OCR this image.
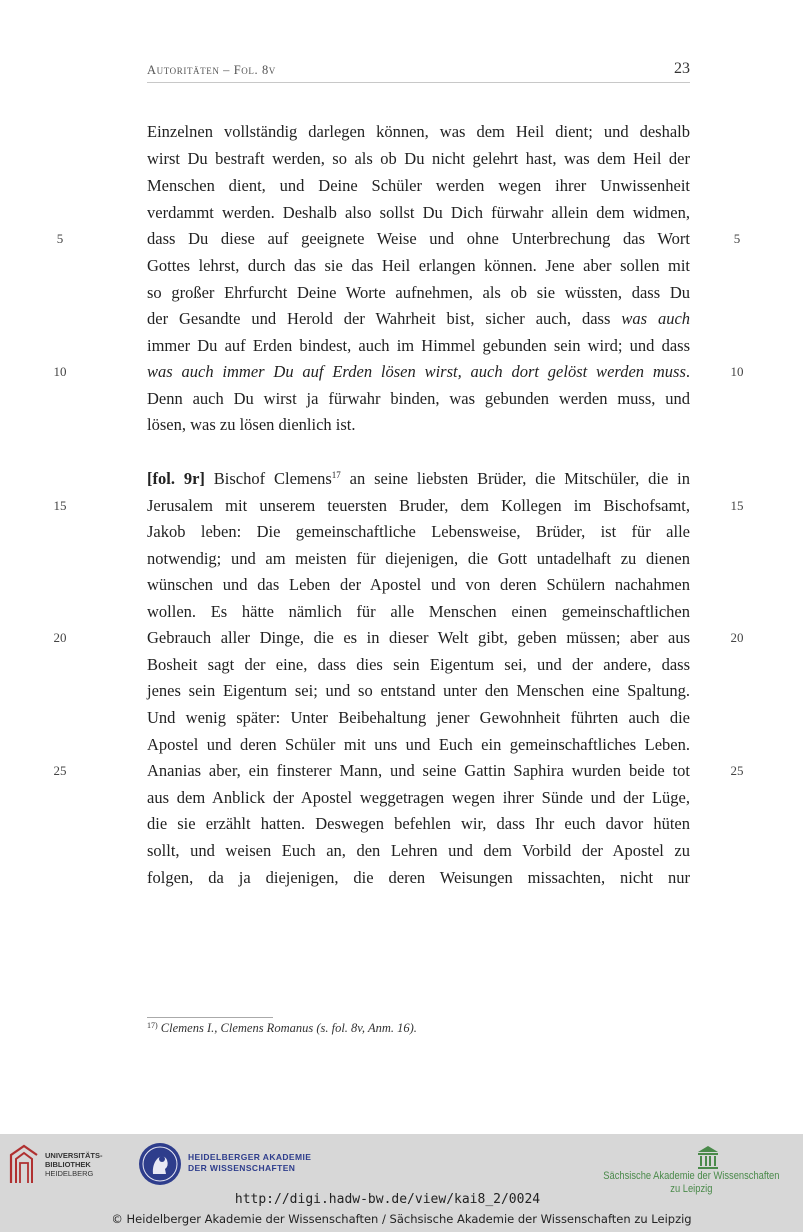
Autoritäten – Fol. 8v	23
Einzelnen vollständig darlegen können, was dem Heil dient; und deshalb
wirst Du bestraft werden, so als ob Du nicht gelehrt hast, was dem Heil der
Menschen dient, und Deine Schüler werden wegen ihrer Unwissenheit
verdammt werden. Deshalb also sollst Du Dich fürwahr allein dem widmen,
dass Du diese auf geeignete Weise und ohne Unterbrechung das Wort
Gottes lehrst, durch das sie das Heil erlangen können. Jene aber sollen mit
so großer Ehrfurcht Deine Worte aufnehmen, als ob sie wüssten, dass Du
der Gesandte und Herold der Wahrheit bist, sicher auch, dass was auch
immer Du auf Erden bindest, auch im Himmel gebunden sein wird; und dass
was auch immer Du auf Erden lösen wirst, auch dort gelöst werden muss.
Denn auch Du wirst ja fürwahr binden, was gebunden werden muss, und
lösen, was zu lösen dienlich ist.
[fol. 9r] Bischof Clemens$^{17}$ an seine liebsten Brüder, die Mitschüler, die in
Jerusalem mit unserem teuersten Bruder, dem Kollegen im Bischofsamt,
Jakob leben: Die gemeinschaftliche Lebensweise, Brüder, ist für alle
notwendig; und am meisten für diejenigen, die Gott untadelhaft zu dienen
wünschen und das Leben der Apostel und von deren Schülern nachahmen
wollen. Es hätte nämlich für alle Menschen einen gemeinschaftlichen
Gebrauch aller Dinge, die es in dieser Welt gibt, geben müssen; aber aus
Bosheit sagt der eine, dass dies sein Eigentum sei, und der andere, dass
jenes sein Eigentum sei; und so entstand unter den Menschen eine Spaltung.
Und wenig später: Unter Beibehaltung jener Gewohnheit führten auch die
Apostel und deren Schüler mit uns und Euch ein gemeinschaftliches Leben.
Ananias aber, ein finsterer Mann, und seine Gattin Saphira wurden beide tot
aus dem Anblick der Apostel weggetragen wegen ihrer Sünde und der Lüge,
die sie erzählt hatten. Deswegen befehlen wir, dass Ihr euch davor hüten
sollt, und weisen Euch an, den Lehren und dem Vorbild der Apostel zu
folgen, da ja diejenigen, die deren Weisungen missachten, nicht nur
5	5
10	10
15	15
20	20
25	25
$^{17)}$ Clemens I., Clemens Romanus (s. fol. 8v, Anm. 16).
UNIVERSITÄTS-
BIBLIOTHEK
HEIDELBERG
HEIDELBERGER AKADEMIE
DER WISSENSCHAFTEN
Sächsische Akademie der Wissenschaften
zu Leipzig
http://digi.hadw-bw.de/view/kai8_2/0024
© Heidelberger Akademie der Wissenschaften / Sächsische Akademie der Wissenschaften zu Leipzig
